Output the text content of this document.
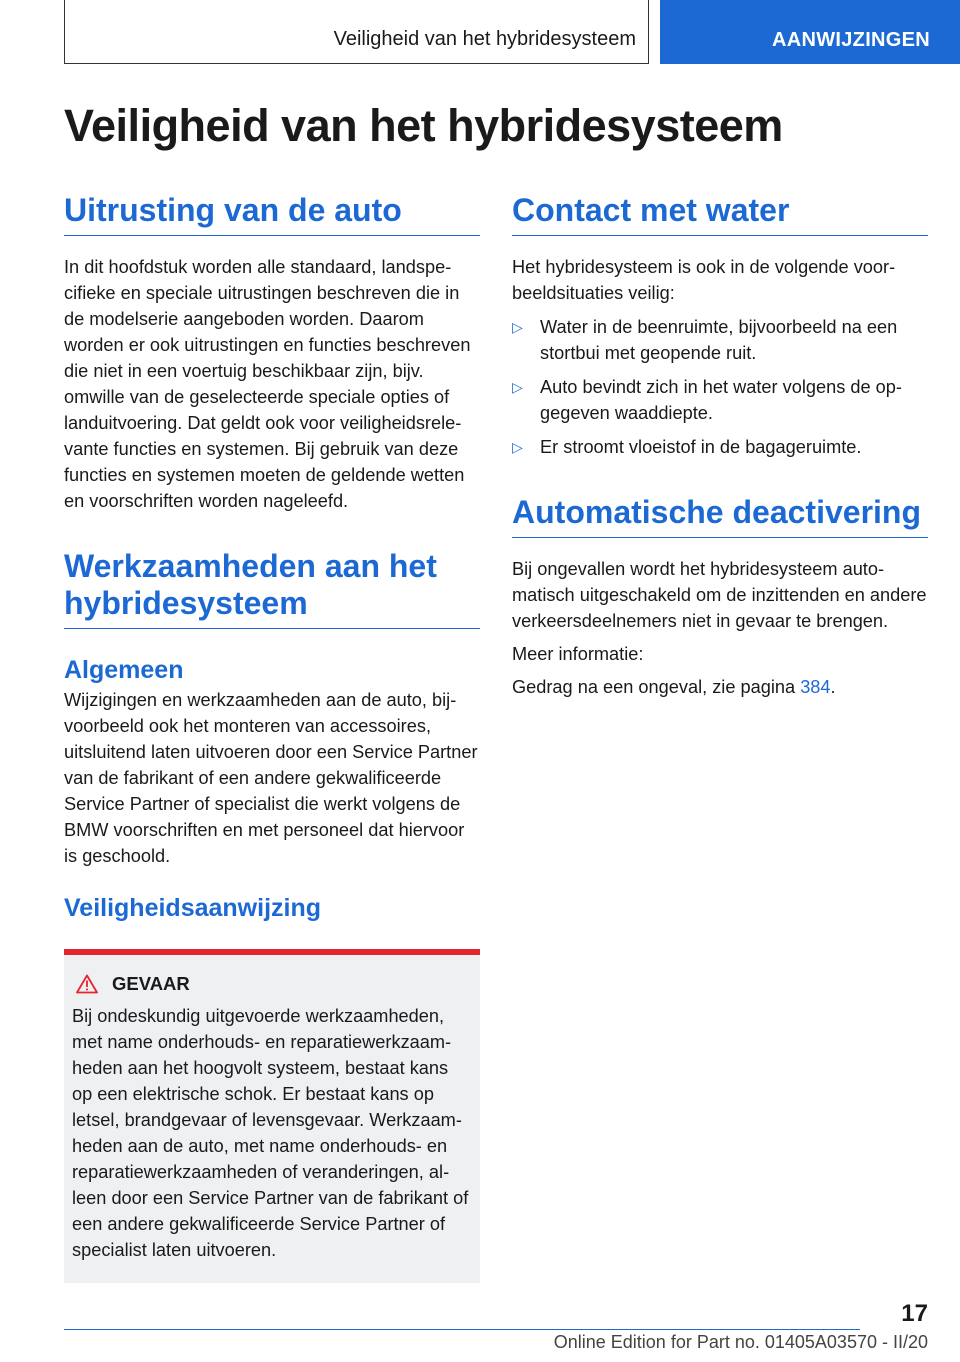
Veiligheid van het hybridesysteem	AANWIJZINGEN
Veiligheid van het hybridesysteem
Uitrusting van de auto

In dit hoofdstuk worden alle standaard, landspecifieke en speciale uitrustingen beschreven die in de modelserie aangeboden worden. Daarom worden er ook uitrustingen en functies beschreven die niet in een voertuig beschikbaar zijn, bijv. omwille van de geselecteerde speciale opties of landuitvoering. Dat geldt ook voor veiligheidsrelevante functies en systemen. Bij gebruik van deze functies en systemen moeten de geldende wetten en voorschriften worden nageleefd.

Werkzaamheden aan het hybridesysteem
Algemeen

Wijzigingen en werkzaamheden aan de auto, bijvoorbeeld ook het monteren van accessoires, uitsluitend laten uitvoeren door een Service Partner van de fabrikant of een andere gekwalificeerde Service Partner of specialist die werkt volgens de BMW voorschriften en met personeel dat hiervoor is geschoold.

Veiligheidsaanwijzing
GEVAAR

Bij ondeskundig uitgevoerde werkzaamheden, met name onderhouds- en reparatiewerkzaamheden aan het hoogvolt systeem, bestaat kans op een elektrische schok. Er bestaat kans op letsel, brandgevaar of levensgevaar. Werkzaamheden aan de auto, met name onderhouds- en reparatiewerkzaamheden of veranderingen, alleen door een Service Partner van de fabrikant of een andere gekwalificeerde Service Partner of specialist laten uitvoeren.

Contact met water

Het hybridesysteem is ook in de volgende voorbeeldsituaties veilig:

▷ Water in de beenruimte, bijvoorbeeld na een stortbui met geopende ruit.
▷ Auto bevindt zich in het water volgens de opgegeven waaddiepte.
▷ Er stroomt vloeistof in de bagageruimte.
Automatische deactivering

Bij ongevallen wordt het hybridesysteem automatisch uitgeschakeld om de inzittenden en andere verkeersdeelnemers niet in gevaar te brengen.

Meer informatie:

Gedrag na een ongeval, zie pagina 384.

17
Online Edition for Part no. 01405A03570 - II/20
